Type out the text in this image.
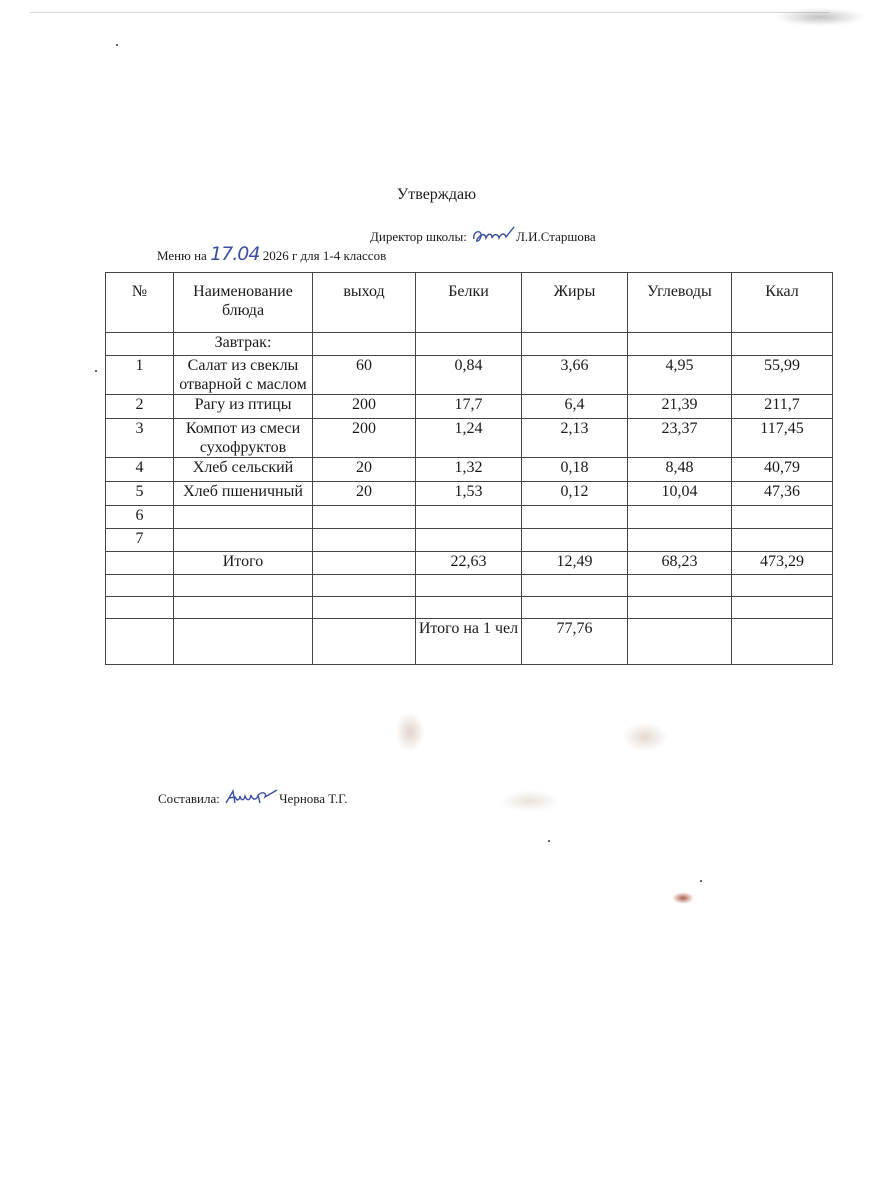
Утверждаю
Директор школы:	Л.И.Старшова
Меню на 17.04 2026 г для 1-4 классов
№	Наименование блюда	выход	Белки	Жиры	Углеводы	Ккал
	Завтрак:					
1	Салат из свеклы отварной с маслом	60	0,84	3,66	4,95	55,99
2	Рагу из птицы	200	17,7	6,4	21,39	211,7
3	Компот из смеси сухофруктов	200	1,24	2,13	23,37	117,45
4	Хлеб сельский	20	1,32	0,18	8,48	40,79
5	Хлеб пшеничный	20	1,53	0,12	10,04	47,36
6						
7						
	Итого		22,63	12,49	68,23	473,29

			Итого на 1 чел	77,76		
Составила:	Чернова Т.Г.
